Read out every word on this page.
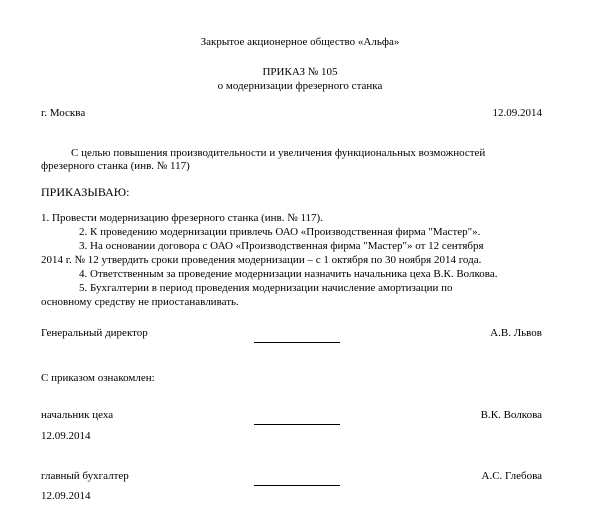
Закрытое акционерное общество «Альфа»
ПРИКАЗ № 105
о модернизации фрезерного станка
г. Москва	12.09.2014
С целью повышения производительности и увеличения функциональных возможностей
фрезерного станка (инв. № 117)
ПРИКАЗЫВАЮ:
1. Провести модернизацию фрезерного станка (инв. № 117).
2. К проведению модернизации привлечь ОАО «Производственная фирма "Мастер"».
3. На основании договора с ОАО «Производственная фирма "Мастер"» от 12 сентября
2014 г. № 12 утвердить сроки проведения модернизации – с 1 октября по 30 ноября 2014 года.
4. Ответственным за проведение модернизации назначить начальника цеха В.К. Волкова.
5. Бухгалтерии в период проведения модернизации начисление амортизации по
основному средству не приостанавливать.
Генеральный директор	А.В. Львов
С приказом ознакомлен:
начальник цеха	В.К. Волкова
12.09.2014
главный бухгалтер	А.С. Глебова
12.09.2014
